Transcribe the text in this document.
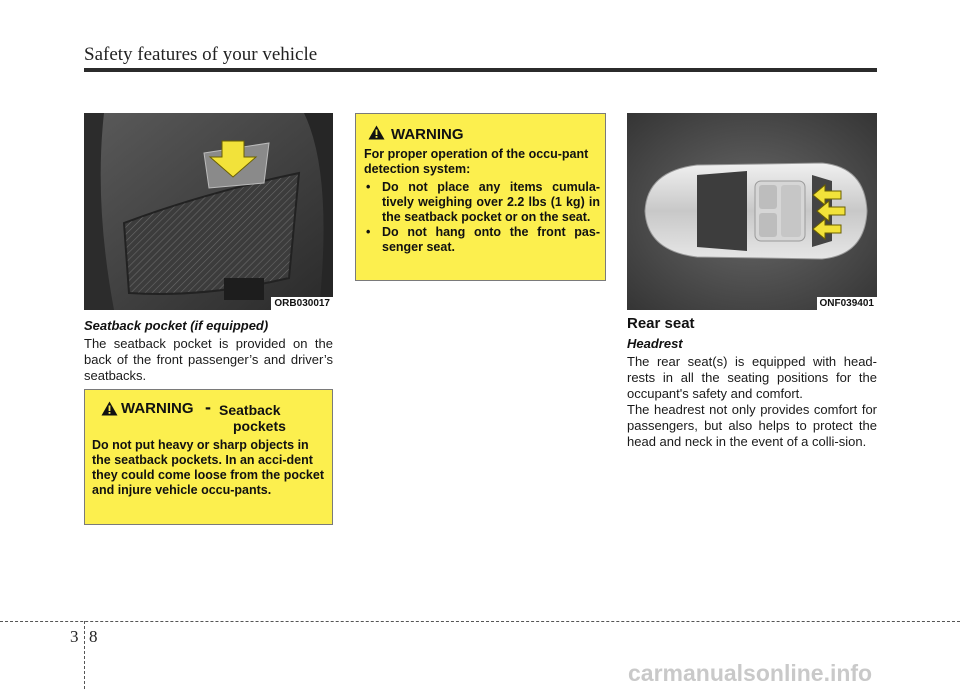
Safety features of your vehicle
ORB030017
Seatback pocket (if equipped)
The seatback pocket is provided on the back of the front passenger’s and driver’s seatbacks.
WARNING - Seatback
pockets
Do not put heavy or sharp objects in the seatback pockets. In an acci-dent they could come loose from the pocket and injure vehicle occu-pants.
WARNING
For proper operation of the occu-pant detection system:
• Do not place any items cumula-tively weighing over 2.2 lbs (1 kg) in the seatback pocket or on the seat.
• Do not hang onto the front pas-senger seat.
ONF039401
Rear seat
Headrest
The rear seat(s) is equipped with head-rests in all the seating positions for the occupant's safety and comfort.
The headrest not only provides comfort for passengers, but also helps to protect the head and neck in the event of a colli-sion.
3 8
carmanualsonline.info
